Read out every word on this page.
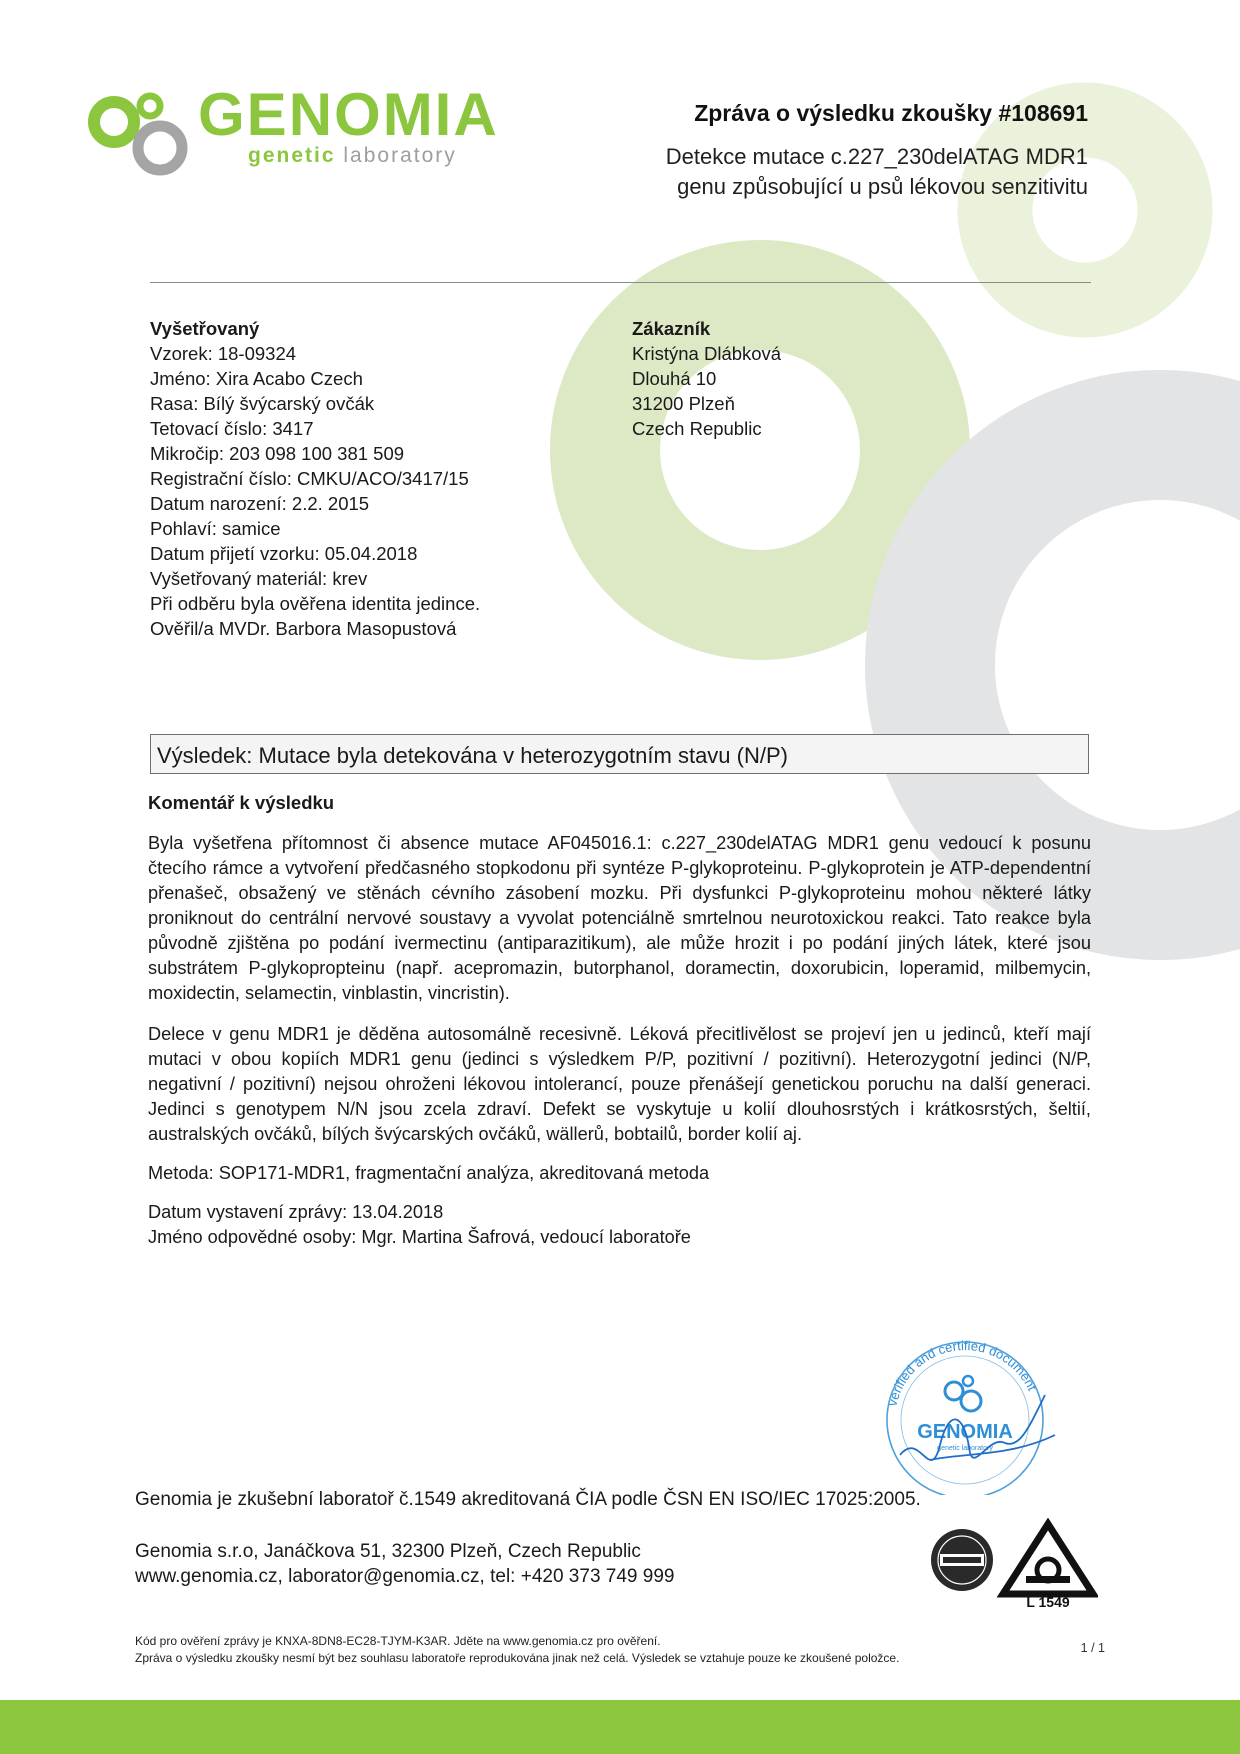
GENOMIA
genetic laboratory
Zpráva o výsledku zkoušky #108691
Detekce mutace c.227_230delATAG MDR1
genu způsobující u psů lékovou senzitivitu
Vyšetřovaný
Vzorek: 18-09324
Jméno: Xira Acabo Czech
Rasa: Bílý švýcarský ovčák
Tetovací číslo: 3417
Mikročip: 203 098 100 381 509
Registrační číslo: CMKU/ACO/3417/15
Datum narození: 2.2. 2015
Pohlaví: samice
Datum přijetí vzorku: 05.04.2018
Vyšetřovaný materiál: krev
Při odběru byla ověřena identita jedince.
Ověřil/a MVDr. Barbora Masopustová
Zákazník
Kristýna Dlábková
Dlouhá 10
31200 Plzeň
Czech Republic
Výsledek: Mutace byla detekována v heterozygotním stavu (N/P)
Komentář k výsledku
Byla vyšetřena přítomnost či absence mutace AF045016.1: c.227_230delATAG MDR1 genu vedoucí k posunu čtecího rámce a vytvoření předčasného stopkodonu při syntéze P-glykoproteinu. P-glykoprotein je ATP-dependentní přenašeč, obsažený ve stěnách cévního zásobení mozku. Při dysfunkci P-glykoproteinu mohou některé látky proniknout do centrální nervové soustavy a vyvolat potenciálně smrtelnou neurotoxickou reakci. Tato reakce byla původně zjištěna po podání ivermectinu (antiparazitikum), ale může hrozit i po podání jiných látek, které jsou substrátem P-glykopropteinu (např. acepromazin, butorphanol, doramectin, doxorubicin, loperamid, milbemycin, moxidectin, selamectin, vinblastin, vincristin).
Delece v genu MDR1 je děděna autosomálně recesivně. Léková přecitlivělost se projeví jen u jedinců, kteří mají mutaci v obou kopiích MDR1 genu (jedinci s výsledkem P/P, pozitivní / pozitivní). Heterozygotní jedinci (N/P, negativní / pozitivní) nejsou ohroženi lékovou intolerancí, pouze přenášejí genetickou poruchu na další generaci. Jedinci s genotypem N/N jsou zcela zdraví. Defekt se vyskytuje u kolií dlouhosrstých i krátkosrstých, šeltií, australských ovčáků, bílých švýcarských ovčáků, wällerů, bobtailů, border kolií aj.
Metoda: SOP171-MDR1, fragmentační analýza, akreditovaná metoda
Datum vystavení zprávy: 13.04.2018
Jméno odpovědné osoby: Mgr. Martina Šafrová, vedoucí laboratoře
verified and certified document
GENOMIA
genetic laboratory
Genomia je zkušební laboratoř č.1549 akreditovaná ČIA podle ČSN EN ISO/IEC 17025:2005.
Genomia s.r.o, Janáčkova 51, 32300 Plzeň, Czech Republic
www.genomia.cz, laborator@genomia.cz, tel: +420 373 749 999
L 1549
Kód pro ověření zprávy je KNXA-8DN8-EC28-TJYM-K3AR. Jděte na www.genomia.cz pro ověření.
Zpráva o výsledku zkoušky nesmí být bez souhlasu laboratoře reprodukována jinak než celá. Výsledek se vztahuje pouze ke zkoušené položce.
1 / 1
